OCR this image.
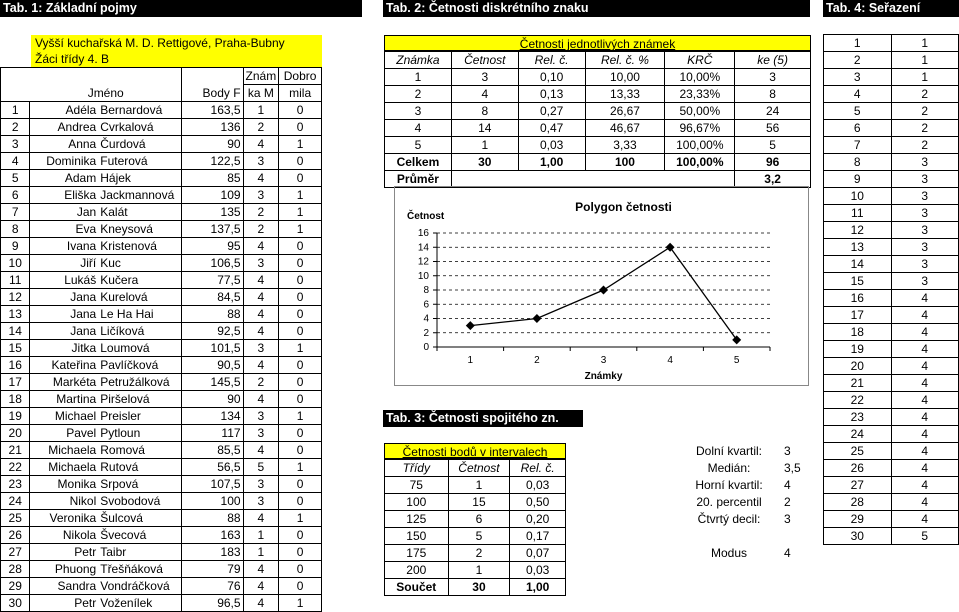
Tab. 1: Základní pojmy	Tab. 2: Četnosti diskrétního znaku	Tab. 4: Seřazení
Vyšší kuchařská M. D. Rettigové, Praha-Bubny
Žáci třídy 4. B
	Jméno		Body F	Znám	Dobro
				ka M	mila
1	Adéla	Bernardová	163,5	1	0
2	Andrea	Cvrkalová	136	2	0
3	Anna	Čurdová	90	4	1
4	Dominika	Futerová	122,5	3	0
5	Adam	Hájek	85	4	0
6	Eliška	Jackmannová	109	3	1
7	Jan	Kalát	135	2	1
8	Eva	Kneysová	137,5	2	1
9	Ivana	Kristenová	95	4	0
10	Jiří	Kuc	106,5	3	0
11	Lukáš	Kučera	77,5	4	0
12	Jana	Kurelová	84,5	4	0
13	Jana	Le Ha Hai	88	4	0
14	Jana	Ličíková	92,5	4	0
15	Jitka	Loumová	101,5	3	1
16	Kateřina	Pavlíčková	90,5	4	0
17	Markéta	Petružálková	145,5	2	0
18	Martina	Piršelová	90	4	0
19	Michael	Preisler	134	3	1
20	Pavel	Pytloun	117	3	0
21	Michaela	Romová	85,5	4	0
22	Michaela	Rutová	56,5	5	1
23	Monika	Srpová	107,5	3	0
24	Nikol	Svobodová	100	3	0
25	Veronika	Šulcová	88	4	1
26	Nikola	Švecová	163	1	0
27	Petr	Taibr	183	1	0
28	Phuong	Třešňáková	79	4	0
29	Sandra	Vondráčková	76	4	0
30	Petr	Voženílek	96,5	4	1
Četnosti jednotlivých známek
Známka	Četnost	Rel. č.	Rel. č. %	KRČ	ke (5)
1	3	0,10	10,00	10,00%	3
2	4	0,13	13,33	23,33%	8
3	8	0,27	26,67	50,00%	24
4	14	0,47	46,67	96,67%	56
5	1	0,03	3,33	100,00%	5
Celkem	30	1,00	100	100,00%	96
Průměr					3,2
Polygon četnosti
Četnost
Známky
0
2
4
6
8
10
12
14
16
1	2	3	4	5
Tab. 3: Četnosti spojitého zn.
Četnosti bodů v intervalech
Třídy	Četnost	Rel. č.
75	1	0,03
100	15	0,50
125	6	0,20
150	5	0,17
175	2	0,07
200	1	0,03
Součet	30	1,00
Dolní kvartil:	3
Medián:	3,5
Horní kvartil:	4
20. percentil	2
Čtvrtý decil:	3

Modus	4
1	1
2	1
3	1
4	2
5	2
6	2
7	2
8	3
9	3
10	3
11	3
12	3
13	3
14	3
15	3
16	4
17	4
18	4
19	4
20	4
21	4
22	4
23	4
24	4
25	4
26	4
27	4
28	4
29	4
30	5
